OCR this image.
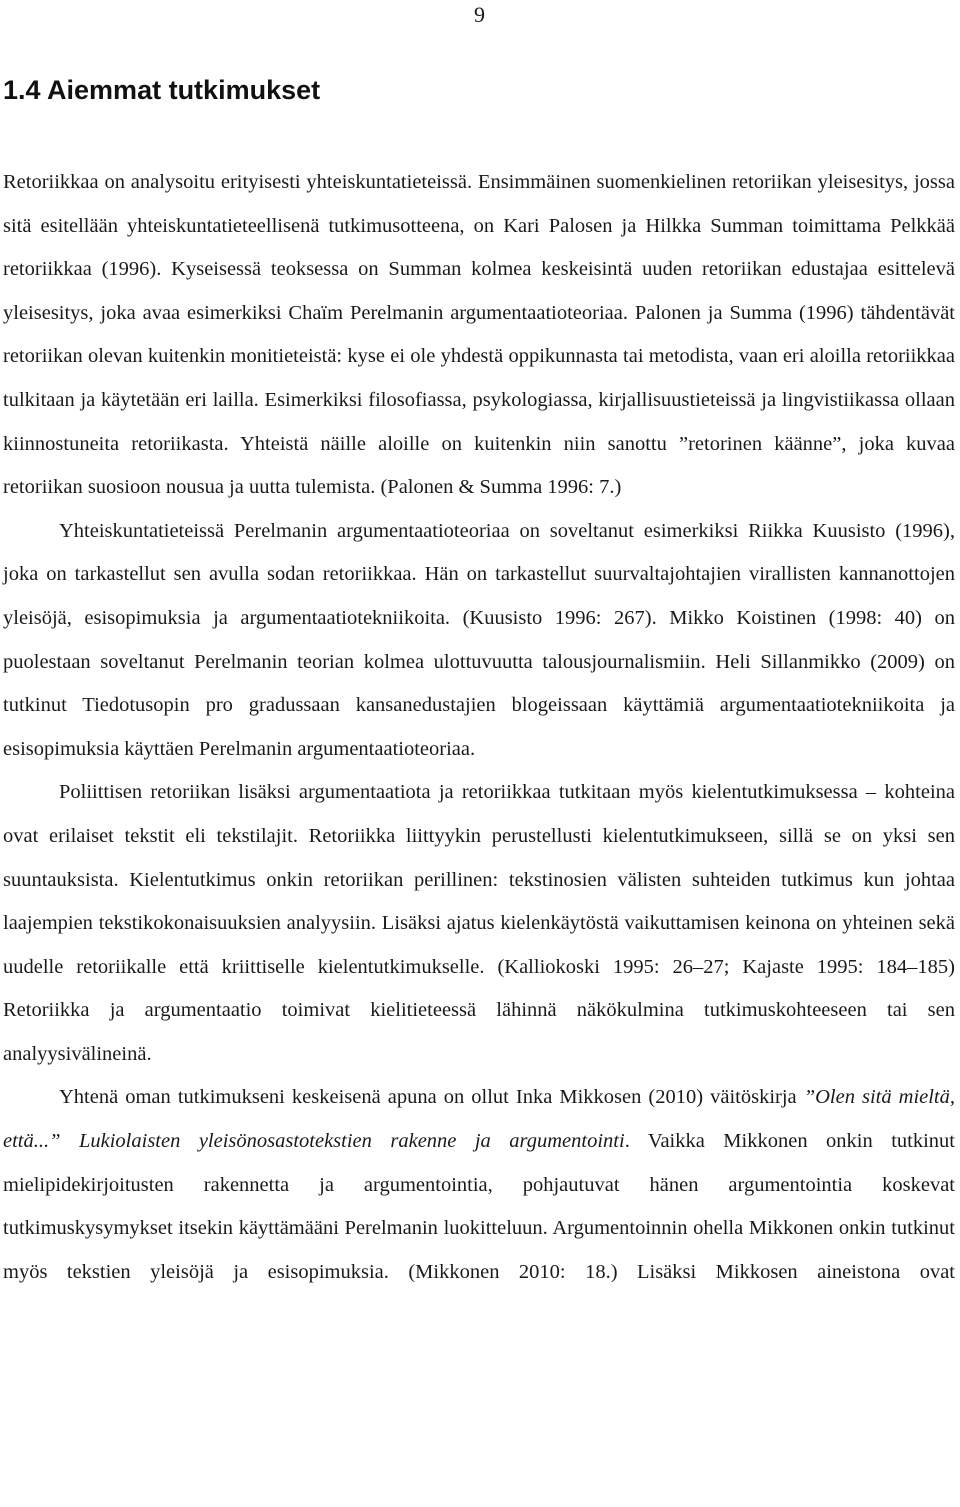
9
1.4 Aiemmat tutkimukset

Retoriikkaa on analysoitu erityisesti yhteiskuntatieteissä. Ensimmäinen suomenkielinen retoriikan yleisesitys, jossa sitä esitellään yhteiskuntatieteellisenä tutkimusotteena, on Kari Palosen ja Hilkka Summan toimittama Pelkkää retoriikkaa (1996). Kyseisessä teoksessa on Summan kolmea keskeisintä uuden retoriikan edustajaa esittelevä yleisesitys, joka avaa esimerkiksi Chaïm Perelmanin argumentaatioteoriaa. Palonen ja Summa (1996) tähdentävät retoriikan olevan kuitenkin monitieteistä: kyse ei ole yhdestä oppikunnasta tai metodista, vaan eri aloilla retoriikkaa tulkitaan ja käytetään eri lailla. Esimerkiksi filosofiassa, psykologiassa, kirjallisuustieteissä ja lingvistiikassa ollaan kiinnostuneita retoriikasta. Yhteistä näille aloille on kuitenkin niin sanottu ”retorinen käänne”, joka kuvaa retoriikan suosioon nousua ja uutta tulemista. (Palonen & Summa 1996: 7.)

Yhteiskuntatieteissä Perelmanin argumentaatioteoriaa on soveltanut esimerkiksi Riikka Kuusisto (1996), joka on tarkastellut sen avulla sodan retoriikkaa. Hän on tarkastellut suurvaltajohtajien virallisten kannanottojen yleisöjä, esisopimuksia ja argumentaatiotekniikoita. (Kuusisto 1996: 267). Mikko Koistinen (1998: 40) on puolestaan soveltanut Perelmanin teorian kolmea ulottuvuutta talousjournalismiin. Heli Sillanmikko (2009) on tutkinut Tiedotusopin pro gradussaan kansanedustajien blogeissaan käyttämiä argumentaatiotekniikoita ja esisopimuksia käyttäen Perelmanin argumentaatioteoriaa.

Poliittisen retoriikan lisäksi argumentaatiota ja retoriikkaa tutkitaan myös kielentutkimuksessa – kohteina ovat erilaiset tekstit eli tekstilajit. Retoriikka liittyykin perustellusti kielentutkimukseen, sillä se on yksi sen suuntauksista. Kielentutkimus onkin retoriikan perillinen: tekstinosien välisten suhteiden tutkimus kun johtaa laajempien tekstikokonaisuuksien analyysiin. Lisäksi ajatus kielenkäytöstä vaikuttamisen keinona on yhteinen sekä uudelle retoriikalle että kriittiselle kielentutkimukselle. (Kalliokoski 1995: 26–27; Kajaste 1995: 184–185) Retoriikka ja argumentaatio toimivat kielitieteessä lähinnä näkökulmina tutkimuskohteeseen tai sen analyysivälineinä.

Yhtenä oman tutkimukseni keskeisenä apuna on ollut Inka Mikkosen (2010) väitöskirja ”Olen sitä mieltä, että...” Lukiolaisten yleisönosastotekstien rakenne ja argumentointi. Vaikka Mikkonen onkin tutkinut mielipidekirjoitusten rakennetta ja argumentointia, pohjautuvat hänen argumentointia koskevat tutkimuskysymykset itsekin käyttämääni Perelmanin luokitteluun. Argumentoinnin ohella Mikkonen onkin tutkinut myös tekstien yleisöjä ja esisopimuksia. (Mikkonen 2010: 18.) Lisäksi Mikkosen aineistona ovat
